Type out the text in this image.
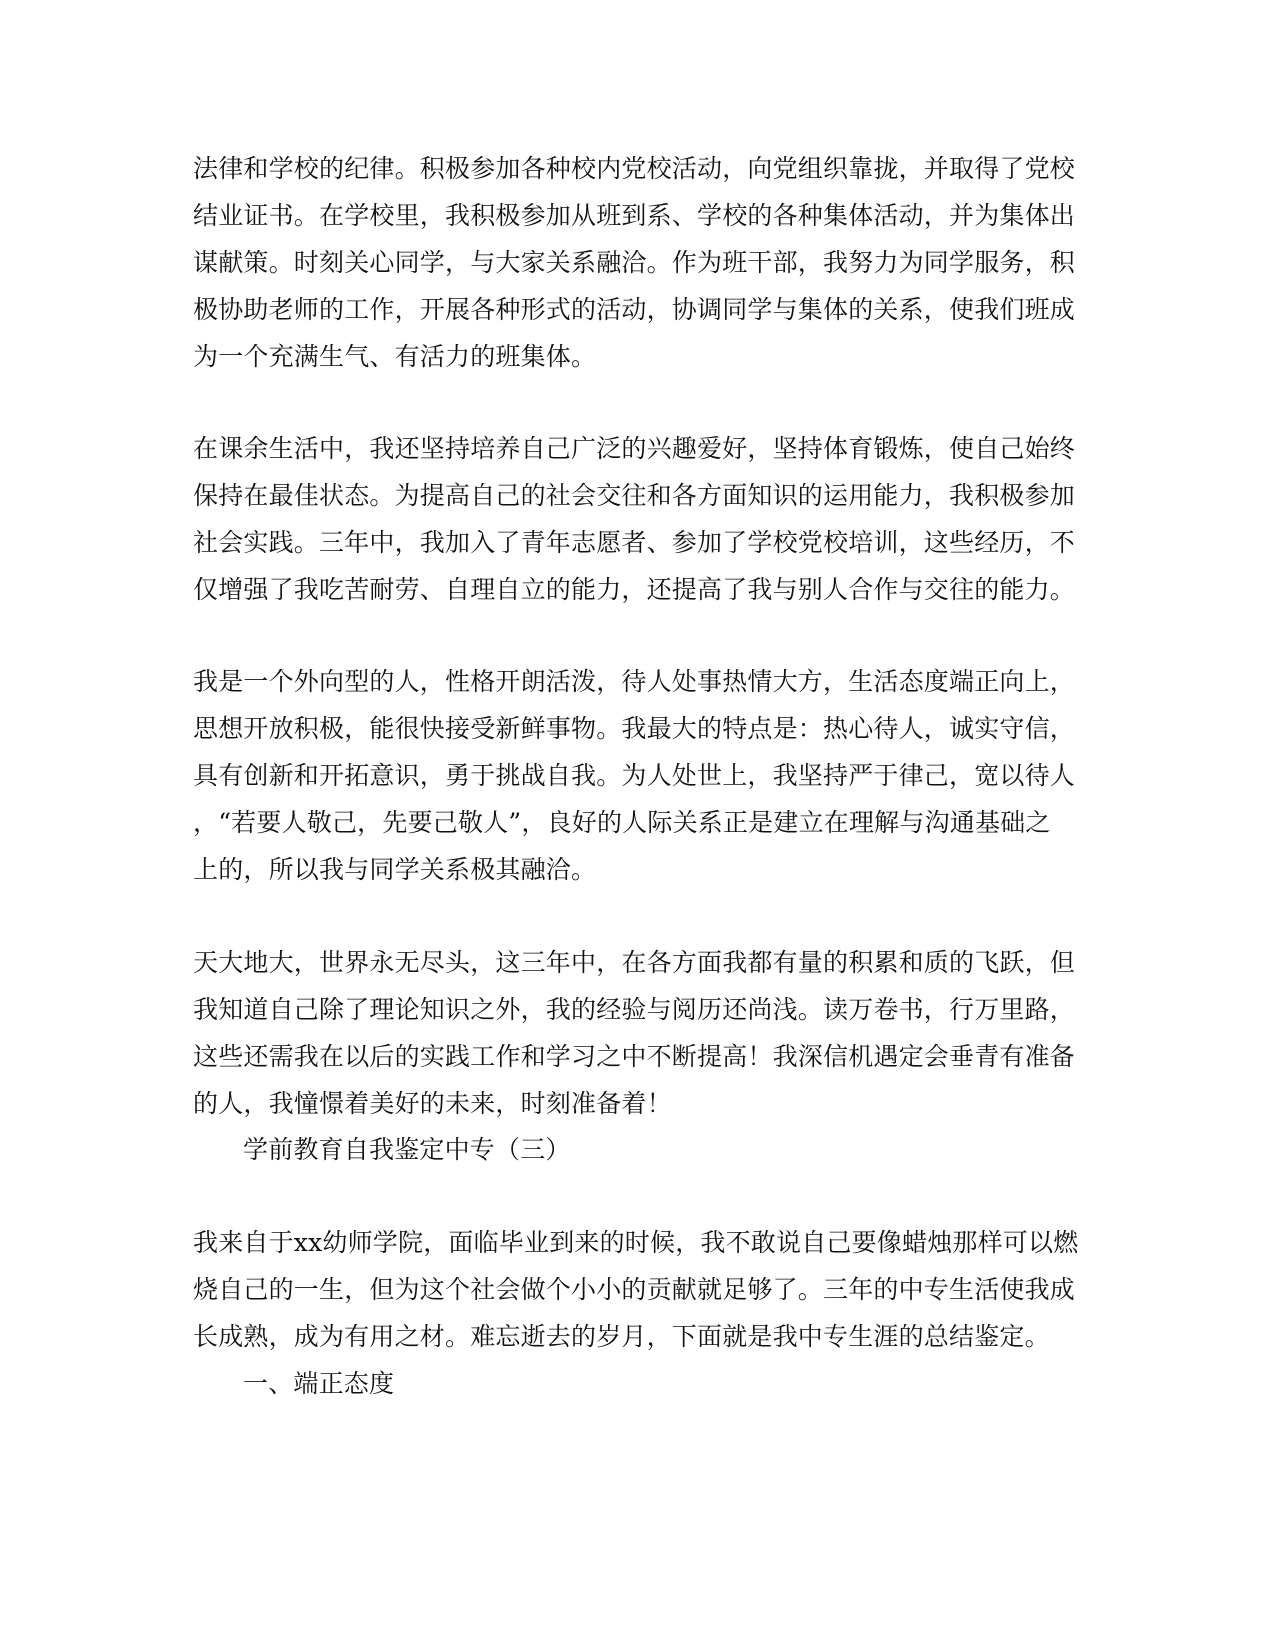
法律和学校的纪律。积极参加各种校内党校活动，向党组织靠拢，并取得了党校
结业证书。在学校里，我积极参加从班到系、学校的各种集体活动，并为集体出
谋献策。时刻关心同学，与大家关系融洽。作为班干部，我努力为同学服务，积
极协助老师的工作，开展各种形式的活动，协调同学与集体的关系，使我们班成
为一个充满生气、有活力的班集体。
在课余生活中，我还坚持培养自己广泛的兴趣爱好，坚持体育锻炼，使自己始终
保持在最佳状态。为提高自己的社会交往和各方面知识的运用能力，我积极参加
社会实践。三年中，我加入了青年志愿者、参加了学校党校培训，这些经历，不
仅增强了我吃苦耐劳、自理自立的能力，还提高了我与别人合作与交往的能力。
我是一个外向型的人，性格开朗活泼，待人处事热情大方，生活态度端正向上，
思想开放积极，能很快接受新鲜事物。我最大的特点是：热心待人，诚实守信，
具有创新和开拓意识，勇于挑战自我。为人处世上，我坚持严于律己，宽以待人
，“若要人敬己，先要己敬人”，良好的人际关系正是建立在理解与沟通基础之
上的，所以我与同学关系极其融洽。
天大地大，世界永无尽头，这三年中，在各方面我都有量的积累和质的飞跃，但
我知道自己除了理论知识之外，我的经验与阅历还尚浅。读万卷书，行万里路，
这些还需我在以后的实践工作和学习之中不断提高！我深信机遇定会垂青有准备
的人，我憧憬着美好的未来，时刻准备着！
学前教育自我鉴定中专（三）
我来自于xx幼师学院，面临毕业到来的时候，我不敢说自己要像蜡烛那样可以燃
烧自己的一生，但为这个社会做个小小的贡献就足够了。三年的中专生活使我成
长成熟，成为有用之材。难忘逝去的岁月，下面就是我中专生涯的总结鉴定。
一、端正态度
